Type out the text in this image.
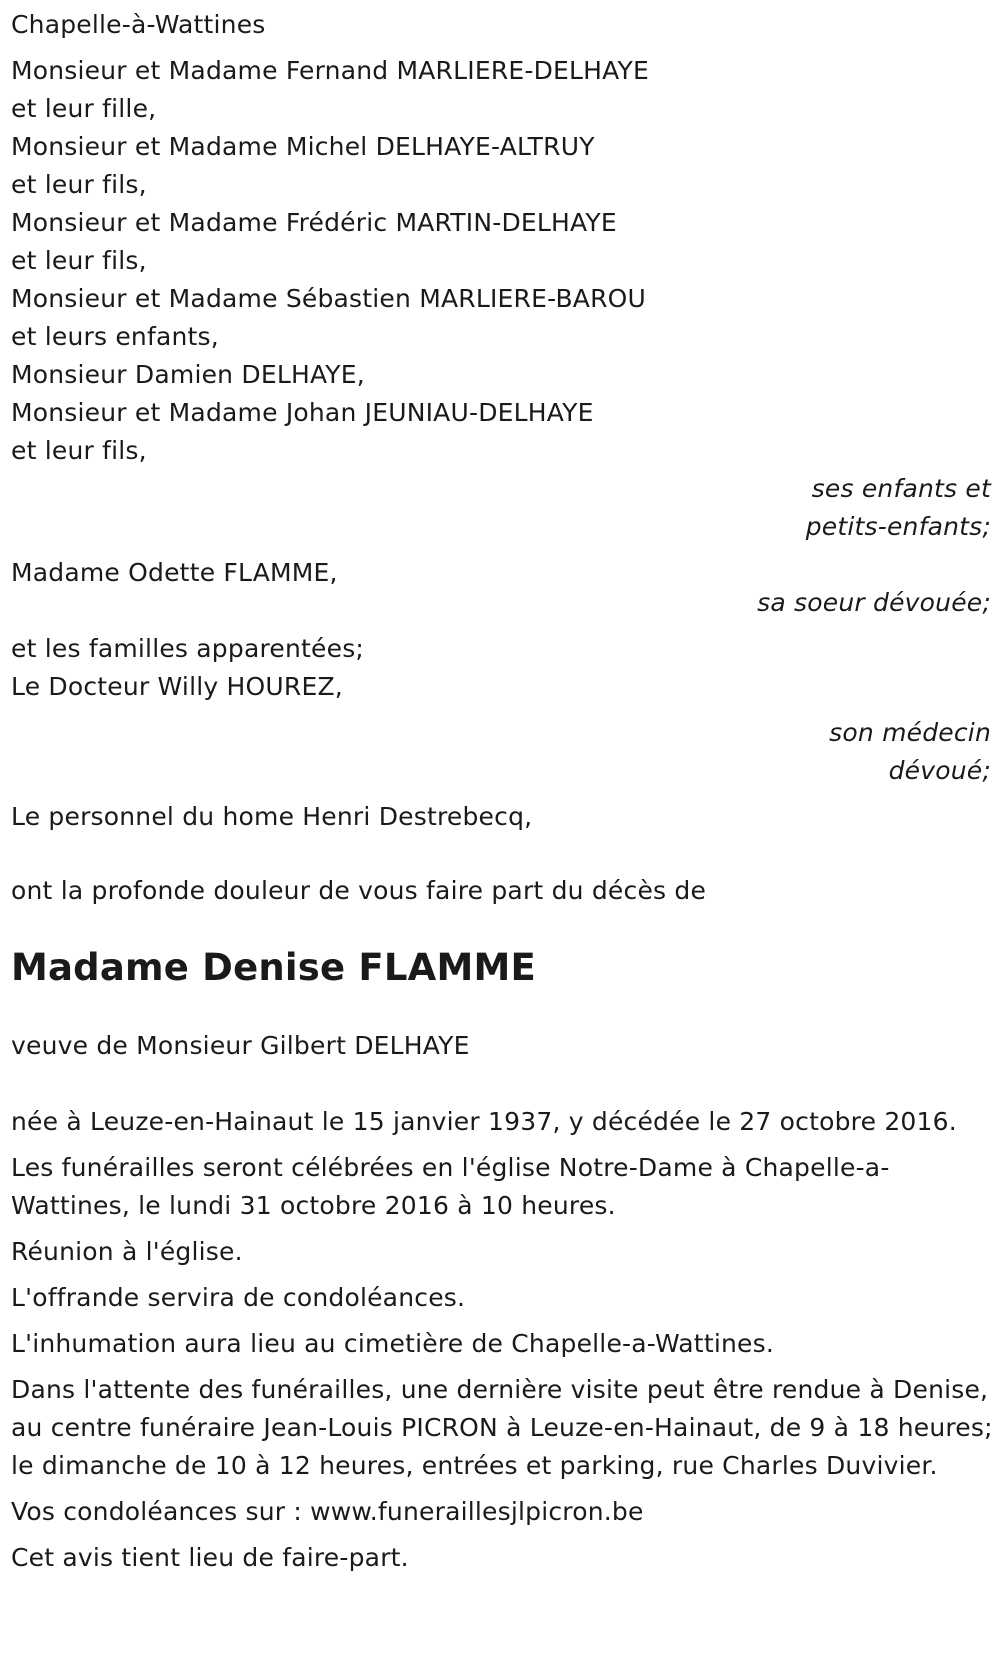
Chapelle-à-Wattines
Monsieur et Madame Fernand MARLIERE-DELHAYE
et leur fille,
Monsieur et Madame Michel DELHAYE-ALTRUY
et leur fils,
Monsieur et Madame Frédéric MARTIN-DELHAYE
et leur fils,
Monsieur et Madame Sébastien MARLIERE-BAROU
et leurs enfants,
Monsieur Damien DELHAYE,
Monsieur et Madame Johan JEUNIAU-DELHAYE
et leur fils,
ses enfants et
petits-enfants;
Madame Odette FLAMME,
sa soeur dévouée;
et les familles apparentées;
Le Docteur Willy HOUREZ,
son médecin
dévoué;
Le personnel du home Henri Destrebecq,
ont la profonde douleur de vous faire part du décès de
Madame Denise FLAMME
veuve de Monsieur Gilbert DELHAYE
née à Leuze-en-Hainaut le 15 janvier 1937, y décédée le 27 octobre 2016.
Les funérailles seront célébrées en l'église Notre-Dame à Chapelle-a-Wattines, le lundi 31 octobre 2016 à 10 heures.
Réunion à l'église.
L'offrande servira de condoléances.
L'inhumation aura lieu au cimetière de Chapelle-a-Wattines.
Dans l'attente des funérailles, une dernière visite peut être rendue à Denise, au centre funéraire Jean-Louis PICRON à Leuze-en-Hainaut, de 9 à 18 heures; le dimanche de 10 à 12 heures, entrées et parking, rue Charles Duvivier.
Vos condoléances sur : www.funeraillesjlpicron.be
Cet avis tient lieu de faire-part.
